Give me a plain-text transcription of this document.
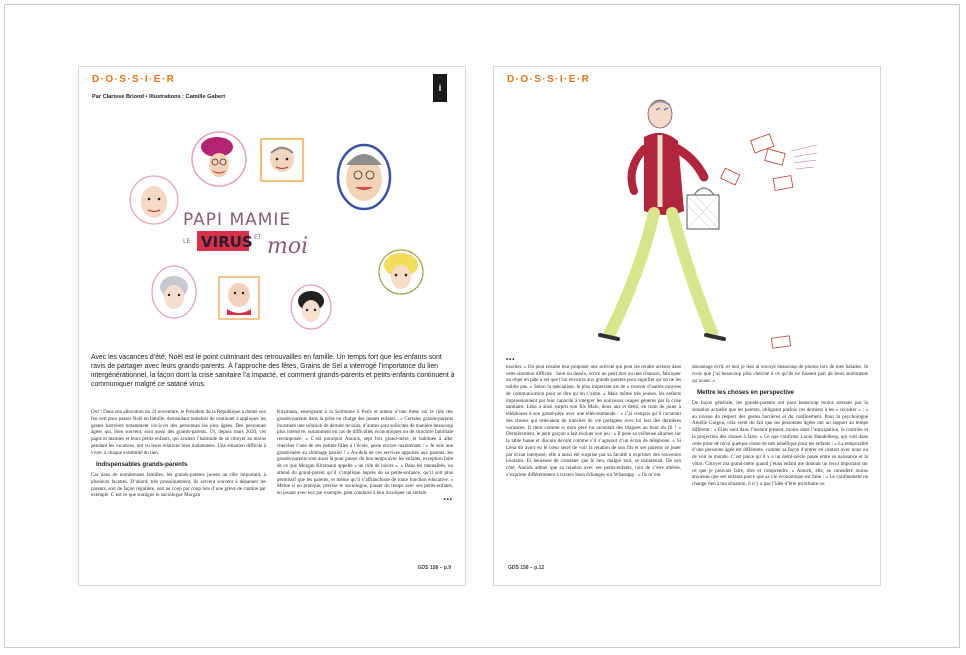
D·O·S·S·I·E·R
Par Clarisse Briond • Illustrations : Camille Gabert
i
PAPI MAMIE
LE VIRUS ET moi
Avec les vacances d’été, Noël est le point culminant des retrouvailles en famille. Un temps fort que les enfants sont ravis de partager avec leurs grands-parents. À l’approche des fêtes, Grains de Sel a interrogé l’importance du lien intergénérationnel, la façon dont la crise sanitaire l’a impacté, et comment grands-parents et petits-enfants continuent à communiquer malgré ce satané virus.

Ouf ! Dans son allocution du 24 novembre, le Président de la République a donné son feu vert pour passer Noël en famille, demandant toutefois de continuer à appliquer les gestes barrières notamment vis-à-vis des personnes les plus âgées. Des personnes âgées qui, bien souvent, sont aussi des grands-parents. Or, depuis mars 2020, ces papis et mamies et leurs petits-enfants, qui avaient l’habitude de se côtoyer au moins pendant les vacances, ont vu leurs relations bien malmenées. Une situation difficile à vivre, à chaque extrémité du lien.

Indispensables grands-parents

Car dans de nombreuses familles, les grands-parents jouent un rôle important, à plusieurs facettes. D’abord, très prosaïquement, ils servent souvent à dépanner les parents, soit de façon régulière, soit au coup par coup lors d’une grève de cantine par exemple. C’est ce que souligne le sociologue Morgan

Kitzmann, enseignant à la Sorbonne à Paris et auteur d’une thèse sur le rôle des grands-parents dans la prise en charge des jeunes enfants : « Certains grands-parents incarnent une solution de dernier recours, d’autres sont sollicités de manière beaucoup plus intensive, notamment en cas de difficultés économiques ou de structure familiale recomposée. » C’est pourquoi Annick, sept fois grand-mère, et habituée à aller chercher l’une de ses petites-filles à l’école, peste encore maintenant : « Je suis une grand-mère au chômage partiel ! » Au-delà de ces services apportés aux parents, les grands-parents sont aussi là pour passer du bon temps avec les enfants, exception faite de ce que Morgan Kitzmann appelle « un rôle de loisirs ». « Dans les mentalités, on attend du grand-parent qu’il s’implique auprès de sa petite-enfance, qu’il soit plus permissif que les parents, et même qu’il s’affranchisse de toute fonction éducative. » Même si en pratique, précise le sociologue, passer du temps avec ses petits-enfants, en jouant avec eux par exemple, peut conduire à leur inculquer un certain

•••

GDS 158 – p.9
D·O·S·S·I·E·R

•••

toucher. « On peut ensuite leur proposer une activité qui peut les rendre acteurs dans cette situation difficile : faire un dessin, écrire un petit mot ou une chanson, fabriquer un objet en pâte à sel que l’on envoirra aux grands-parents pour signifier qu’on ne les oublie pas. » Selon la spécialiste, le plus important est de « trouver d’autres moyens de communication pour se dire qu’on s’aime. » Mais même très jeunes, les enfants impressionnent par leur capacité à intégrer les nouveaux usages générés par la crise sanitaire. Léna a ainsi surpris son fils Malo, deux ans et demi, en train de jouer à téléphoner à son grand-père avec une télécommande : « J’ai compris qu’il racontait des choses qui relevaient de tranches de vie partagées avec lui lors des dernières vacances. Il rient comme si mon père lui racontait des blagues au bout du fil ! » Dernièrement, le petit garçon a fait évoluer son jeu : « Il pose sa veilleuse allumée sur la table basse et discute devant comme s’il s’agissait d’un écran de téléphone. » Si Léna dit avoir eu le cœur serré de voir la relation de son fils et ses parents se jouer par écran interposé, elle a aussi été surprise par sa faculté à exprimer des souvenirs lointains. Et heureuse de constater que le lien, malgré tout, se maintenait. De son côté, Annick admet que sa relation avec ses petits-enfants, loin de s’être altérée, s’exprime différemment à travers leurs échanges sur Whatsapp : « Ils m’ont

davantage écrit, et moi je leur ai envoyé beaucoup de photos lors de mes balades. Je crois que j’ai beaucoup plus cherché à ce qu’ils ne fussent part de leurs sentiments qu’avant. »

Mettre les choses en perspective

De façon générale, les grands-parents ont paru beaucoup moins stressés par la situation actuelle que les parents, obligeant parfois ces derniers à les « recadrer » : « au niveau du respect des gestes barrières et du confinement. Pour la psychologue Amélie Guigou, cela vient du fait que les personnes âgées ont un rapport au temps différent : « Elles sont dans l’instant présent, moins dans l’anticipation, le contrôle et la projection des choses à faire. » Ce que confirme Lucas Handelberg, qui voit dans cette prise de recul quelque chose de très bénéfique pour les enfants : « La temporalité d’une personne âgée est différente, comme sa façon d’entrer en contact avec nous ou de voir le monde. C’est parce qu’il y a un demi-siècle passé entre sa naissance et la vôtre. Côtoyer ma grand-mère quand j’étais enfant me donnait un recul important sur ce que je pouvais faire, dire et comprendre. » Annick, elle, se considère moins anxieuse que ses enfants parce que sa vie économique est faite : « Le confinement ne change rien à ma situation, il n’y a pas l’idée d’être prioritaire ou

GDS 158 – p.12
